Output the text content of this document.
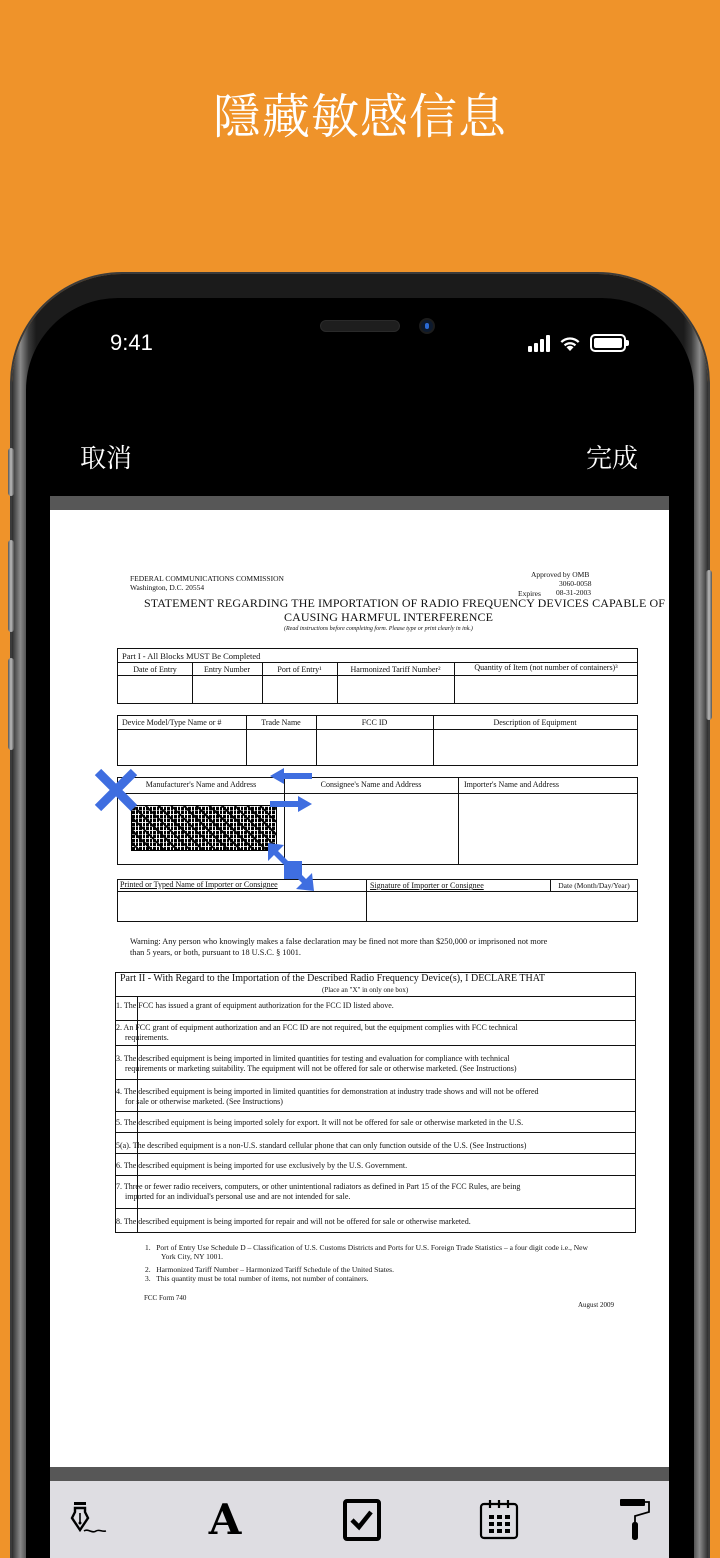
隱藏敏感信息
9:41
取消	完成
FEDERAL COMMUNICATIONS COMMISSION
Washington, D.C. 20554
Approved by OMB
3060-0058
Expires 08-31-2003
STATEMENT REGARDING THE IMPORTATION OF RADIO FREQUENCY DEVICES CAPABLE OF
CAUSING HARMFUL INTERFERENCE
(Read instructions before completing form. Please type or print clearly in ink.)
Part I - All Blocks MUST Be Completed
Date of Entry	Entry Number	Port of Entry¹	Harmonized Tariff Number²	Quantity of Item (not number of containers)³
Device Model/Type Name or #	Trade Name	FCC ID	Description of Equipment
Manufacturer's Name and Address	Consignee's Name and Address	Importer's Name and Address
Printed or Typed Name of Importer or Consignee	Signature of Importer or Consignee	Date (Month/Day/Year)
Warning: Any person who knowingly makes a false declaration may be fined not more than $250,000 or imprisoned not more
than 5 years, or both, pursuant to 18 U.S.C. § 1001.
Part II - With Regard to the Importation of the Described Radio Frequency Device(s), I DECLARE THAT
(Place an "X" in only one box)
1. The FCC has issued a grant of equipment authorization for the FCC ID listed above.
2. An FCC grant of equipment authorization and an FCC ID are not required, but the equipment complies with FCC technical
requirements.
3. The described equipment is being imported in limited quantities for testing and evaluation for compliance with technical
requirements or marketing suitability. The equipment will not be offered for sale or otherwise marketed. (See Instructions)
4. The described equipment is being imported in limited quantities for demonstration at industry trade shows and will not be offered
for sale or otherwise marketed. (See Instructions)
5. The described equipment is being imported solely for export. It will not be offered for sale or otherwise marketed in the U.S.
5(a). The described equipment is a non-U.S. standard cellular phone that can only function outside of the U.S. (See Instructions)
6. The described equipment is being imported for use exclusively by the U.S. Government.
7. Three or fewer radio receivers, computers, or other unintentional radiators as defined in Part 15 of the FCC Rules, are being
imported for an individual's personal use and are not intended for sale.
8. The described equipment is being imported for repair and will not be offered for sale or otherwise marketed.
1. Port of Entry Use Schedule D – Classification of U.S. Customs Districts and Ports for U.S. Foreign Trade Statistics – a four digit code i.e., New
York City, NY 1001.
2. Harmonized Tariff Number – Harmonized Tariff Schedule of the United States.
3. This quantity must be total number of items, not number of containers.
FCC Form 740
August 2009
A
